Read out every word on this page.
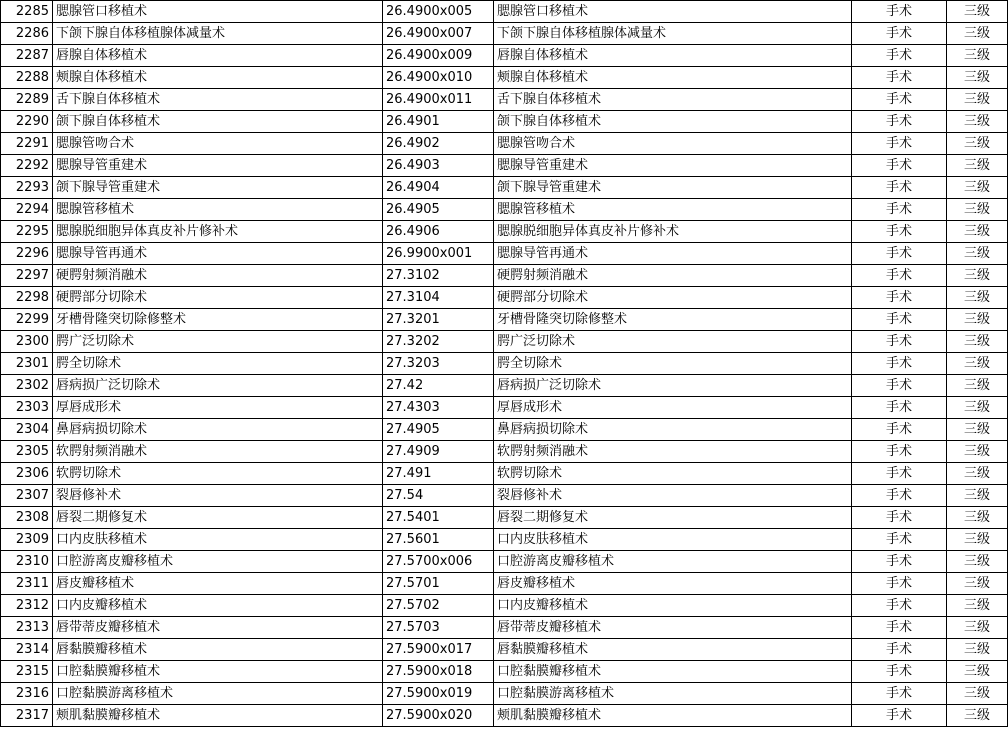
2285	腮腺管口移植术	26.4900x005	腮腺管口移植术	手术	三级
2286	下颌下腺自体移植腺体减量术	26.4900x007	下颌下腺自体移植腺体减量术	手术	三级
2287	唇腺自体移植术	26.4900x009	唇腺自体移植术	手术	三级
2288	颊腺自体移植术	26.4900x010	颊腺自体移植术	手术	三级
2289	舌下腺自体移植术	26.4900x011	舌下腺自体移植术	手术	三级
2290	颌下腺自体移植术	26.4901	颌下腺自体移植术	手术	三级
2291	腮腺管吻合术	26.4902	腮腺管吻合术	手术	三级
2292	腮腺导管重建术	26.4903	腮腺导管重建术	手术	三级
2293	颌下腺导管重建术	26.4904	颌下腺导管重建术	手术	三级
2294	腮腺管移植术	26.4905	腮腺管移植术	手术	三级
2295	腮腺脱细胞异体真皮补片修补术	26.4906	腮腺脱细胞异体真皮补片修补术	手术	三级
2296	腮腺导管再通术	26.9900x001	腮腺导管再通术	手术	三级
2297	硬腭射频消融术	27.3102	硬腭射频消融术	手术	三级
2298	硬腭部分切除术	27.3104	硬腭部分切除术	手术	三级
2299	牙槽骨隆突切除修整术	27.3201	牙槽骨隆突切除修整术	手术	三级
2300	腭广泛切除术	27.3202	腭广泛切除术	手术	三级
2301	腭全切除术	27.3203	腭全切除术	手术	三级
2302	唇病损广泛切除术	27.42	唇病损广泛切除术	手术	三级
2303	厚唇成形术	27.4303	厚唇成形术	手术	三级
2304	鼻唇病损切除术	27.4905	鼻唇病损切除术	手术	三级
2305	软腭射频消融术	27.4909	软腭射频消融术	手术	三级
2306	软腭切除术	27.491	软腭切除术	手术	三级
2307	裂唇修补术	27.54	裂唇修补术	手术	三级
2308	唇裂二期修复术	27.5401	唇裂二期修复术	手术	三级
2309	口内皮肤移植术	27.5601	口内皮肤移植术	手术	三级
2310	口腔游离皮瓣移植术	27.5700x006	口腔游离皮瓣移植术	手术	三级
2311	唇皮瓣移植术	27.5701	唇皮瓣移植术	手术	三级
2312	口内皮瓣移植术	27.5702	口内皮瓣移植术	手术	三级
2313	唇带蒂皮瓣移植术	27.5703	唇带蒂皮瓣移植术	手术	三级
2314	唇黏膜瓣移植术	27.5900x017	唇黏膜瓣移植术	手术	三级
2315	口腔黏膜瓣移植术	27.5900x018	口腔黏膜瓣移植术	手术	三级
2316	口腔黏膜游离移植术	27.5900x019	口腔黏膜游离移植术	手术	三级
2317	颊肌黏膜瓣移植术	27.5900x020	颊肌黏膜瓣移植术	手术	三级
